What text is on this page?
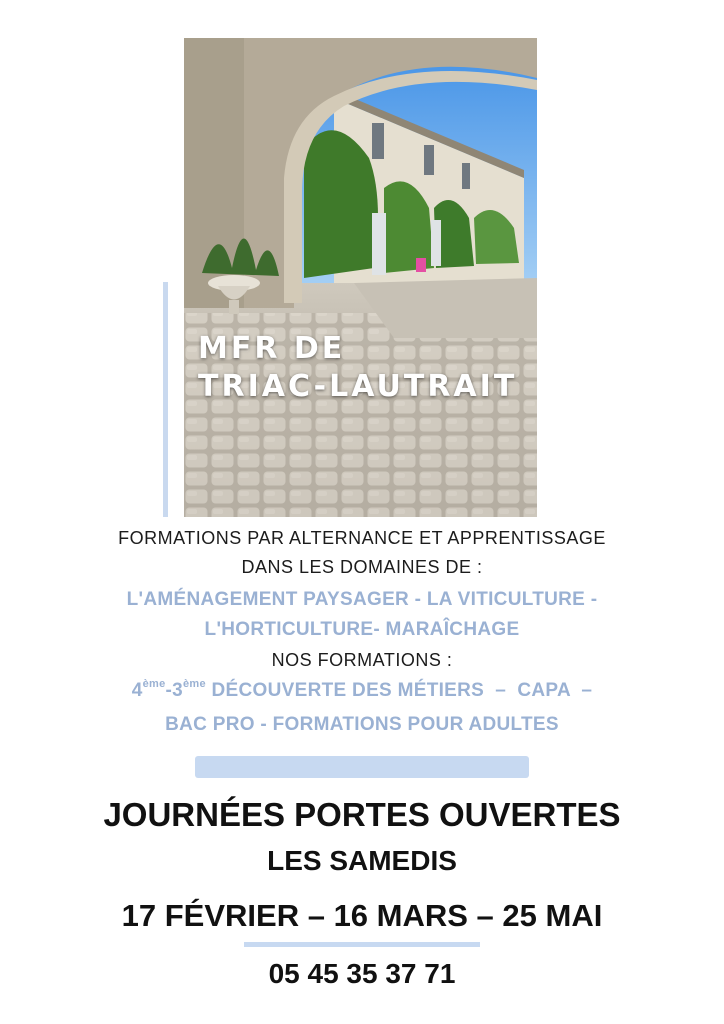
MFR DE
TRIAC-LAUTRAIT

FORMATIONS PAR ALTERNANCE ET APPRENTISSAGE

DANS LES DOMAINES DE :

L'AMÉNAGEMENT PAYSAGER - LA VITICULTURE -

L'HORTICULTURE- MARAÎCHAGE

NOS FORMATIONS :

4ème-3ème DÉCOUVERTE DES MÉTIERS  –  CAPA  –

BAC PRO - FORMATIONS POUR ADULTES

JOURNÉES PORTES OUVERTES

LES SAMEDIS

17 FÉVRIER – 16 MARS – 25 MAI

05 45 35 37 71
